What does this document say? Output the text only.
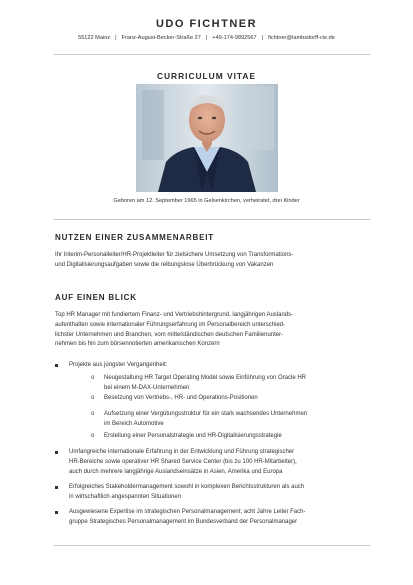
UDO FICHTNER
55122 Mainz | Franz-August-Becker-Straße 27 | +49-174-9892567 | fichtner@lambsdorff-cie.de
CURRICULUM VITAE
Geboren am 12. September 1965 in Gelsenkirchen, verheiratet, drei Kinder
NUTZEN EINER ZUSAMMENARBEIT
Ihr Interim-Personalleiter/HR-Projektleiter für zielsichere Umsetzung von Transformations-
und Digitalisierungsaufgaben sowie die reibungslose Überbrückung von Vakanzen
AUF EINEN BLICK
Top HR Manager mit fundiertem Finanz- und Vertriebshintergrund, langjährigen Auslands-
aufenthalten sowie internationaler Führungserfahrung im Personalbereich unterschied-
lichster Unternehmen und Branchen, vom mittelständischen deutschen Familienunter-
nehmen bis hin zum börsennotierten amerikanischen Konzern
Projekte aus jüngster Vergangenheit:
o Neugestaltung HR Target Operating Model sowie Einführung von Oracle HR
bei einem M-DAX-Unternehmen
o Besetzung von Vertriebs-, HR- und Operations-Positionen
o Aufsetzung einer Vergütungsstruktur für ein stark wachsendes Unternehmen
im Bereich Automotive
o Erstellung einer Personalstrategie und HR-Digitalisierungsstrategie
Umfangreiche internationale Erfahrung in der Entwicklung und Führung strategischer
HR-Bereiche sowie operativer HR Shared Service Center (bis zu 100 HR-Mitarbeiter),
auch durch mehrere langjährige Auslandseinsätze in Asien, Amerika und Europa
Erfolgreiches Stakeholdermanagement sowohl in komplexen Berichtsstrukturen als auch
in wirtschaftlich angespannten Situationen
Ausgewiesene Expertise im strategischen Personalmanagement; acht Jahre Leiter Fach-
gruppe Strategisches Personalmanagement im Bundesverband der Personalmanager
